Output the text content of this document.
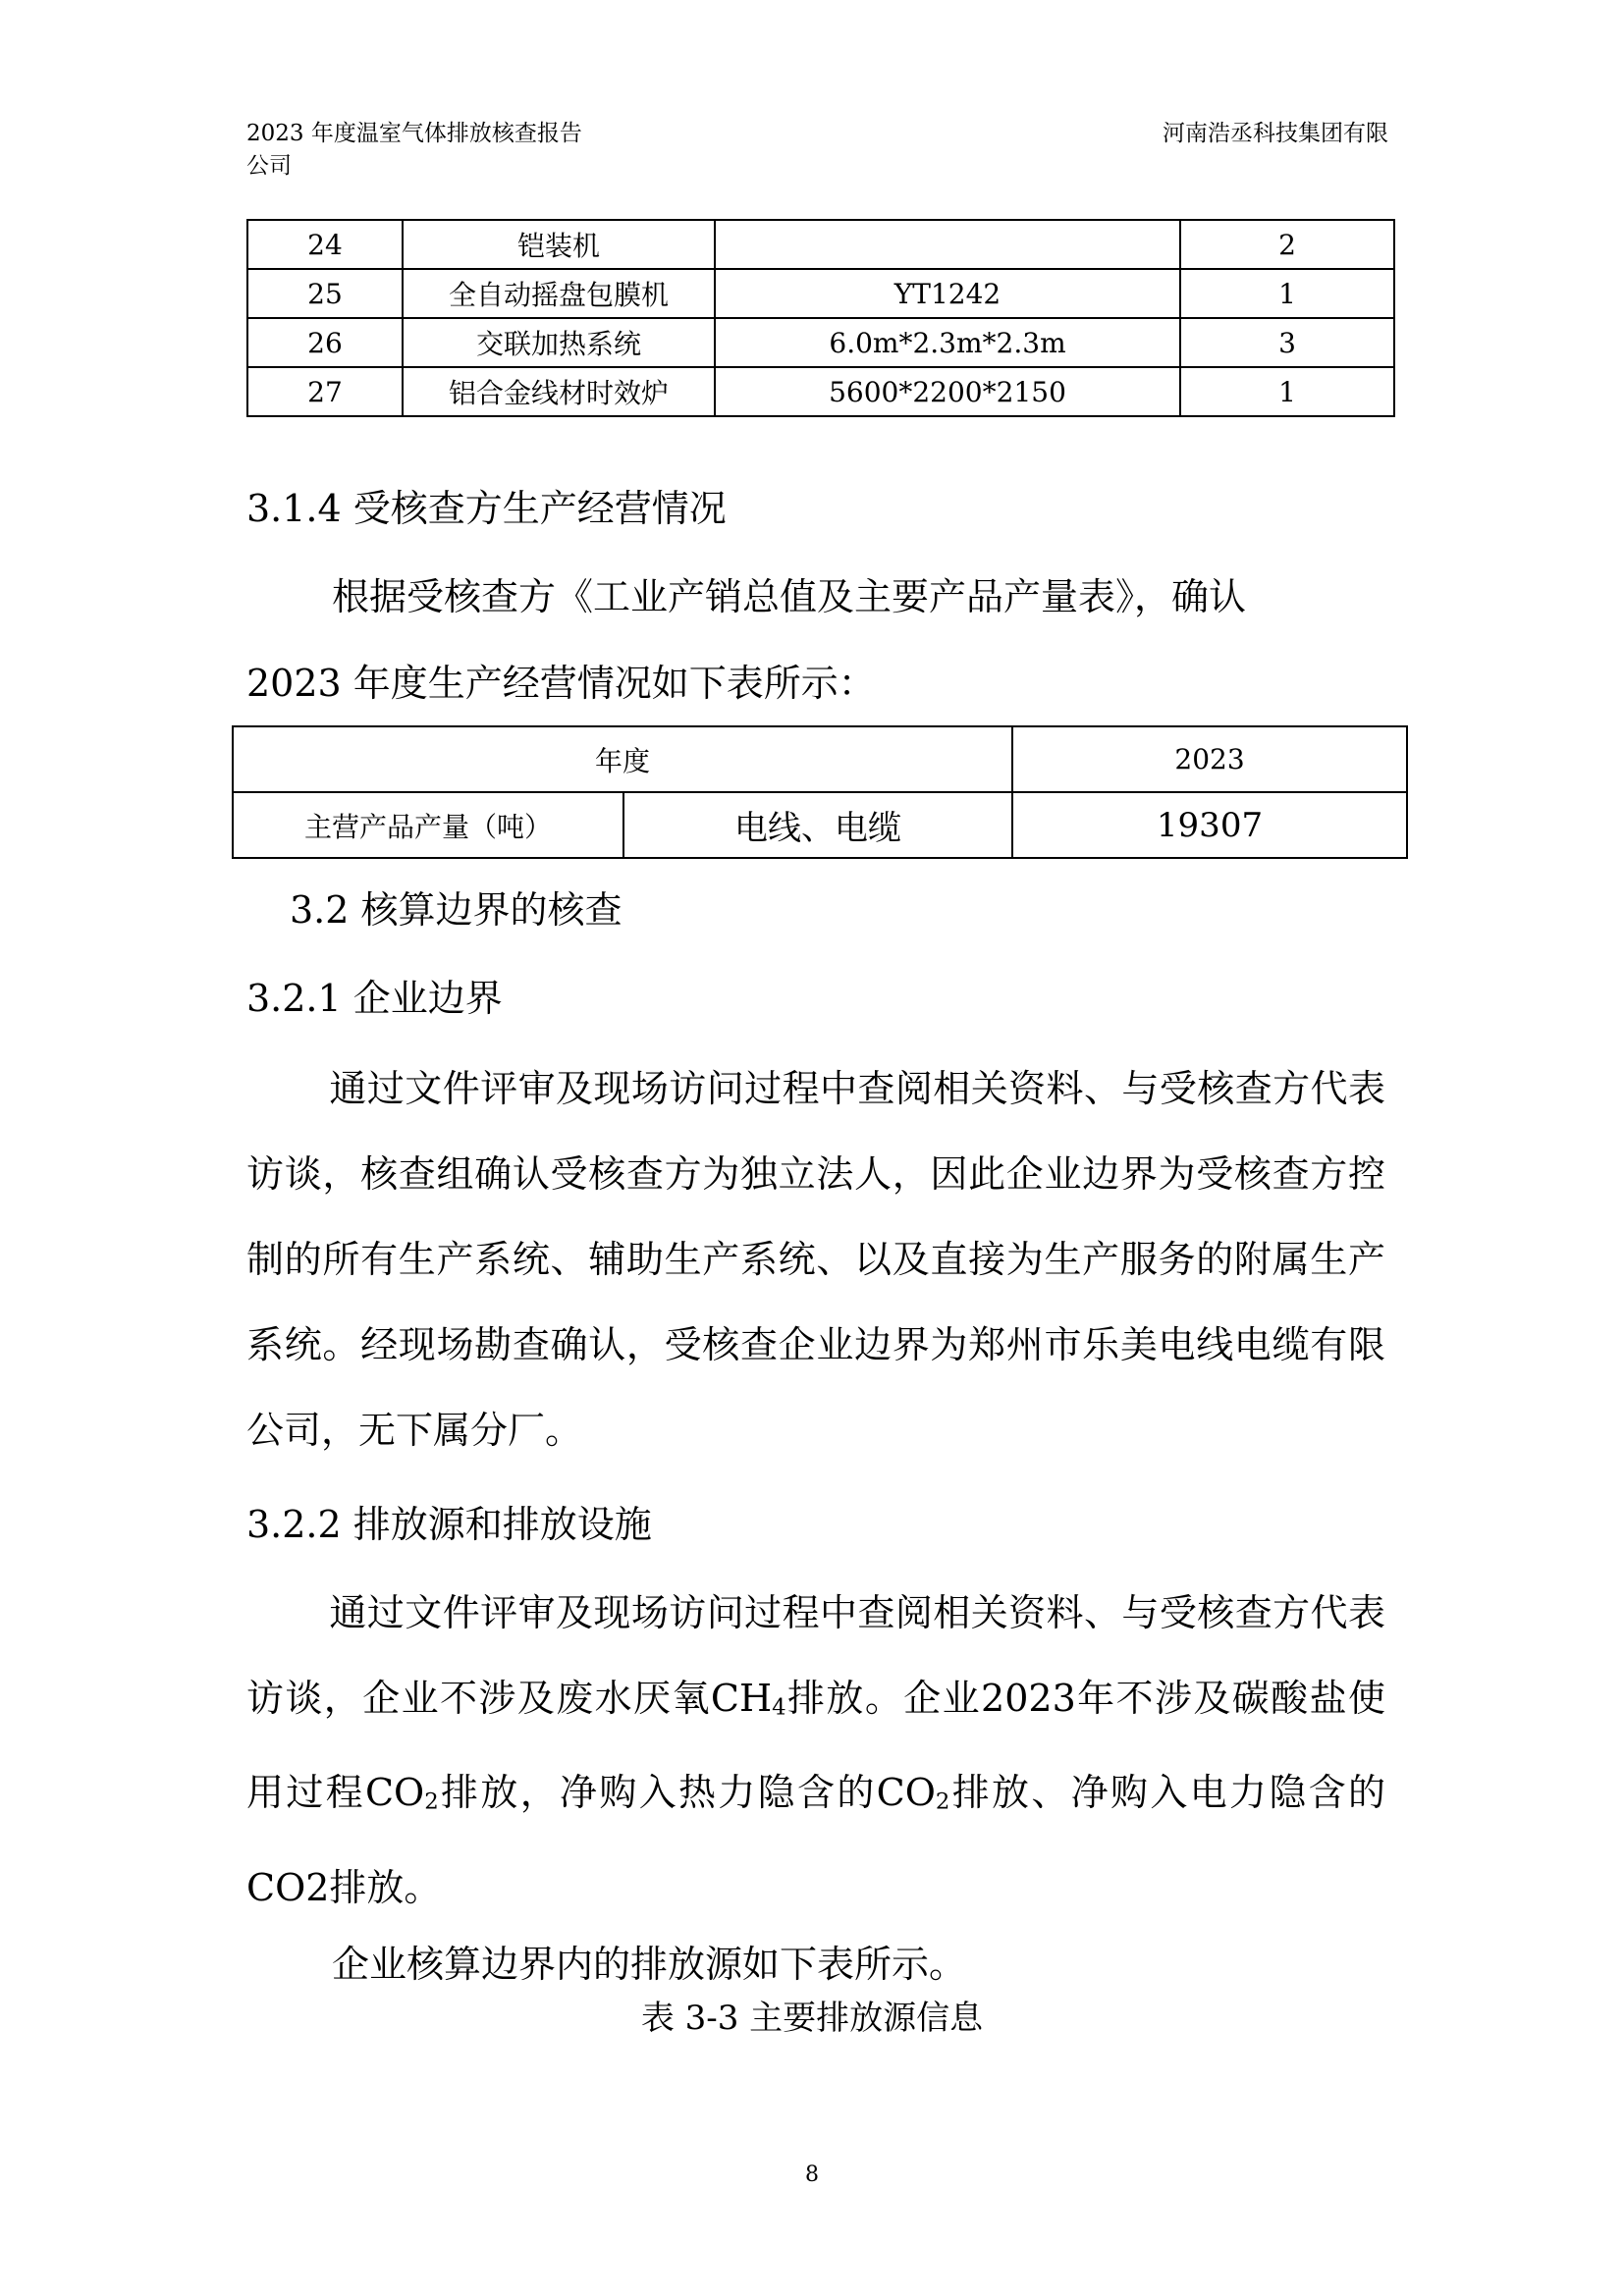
2023 年度温室气体排放核查报告
公司
河南浩丞科技集团有限
24	铠装机		2
25	全自动摇盘包膜机	YT1242	1
26	交联加热系统	6.0m*2.3m*2.3m	3
27	铝合金线材时效炉	5600*2200*2150	1
3.1.4 受核查方生产经营情况
根据受核查方《工业产销总值及主要产品产量表》，确认
2023 年度生产经营情况如下表所示：
年度		2023
主营产品产量（吨）	电线、电缆	19307
3.2 核算边界的核查
3.2.1 企业边界
通过文件评审及现场访问过程中查阅相关资料、与受核查方代表访谈，核查组确认受核查方为独立法人，因此企业边界为受核查方控制的所有生产系统、辅助生产系统、以及直接为生产服务的附属生产系统。经现场勘查确认，受核查企业边界为郑州市乐美电线电缆有限公司，无下属分厂。
3.2.2 排放源和排放设施
通过文件评审及现场访问过程中查阅相关资料、与受核查方代表访谈，企业不涉及废水厌氧$CH_4$排放。企业2023年不涉及碳酸盐使用过程$CO_2$排放，净购入热力隐含的$CO_2$排放、净购入电力隐含的CO2排放。
企业核算边界内的排放源如下表所示。
表 3-3 主要排放源信息
8
